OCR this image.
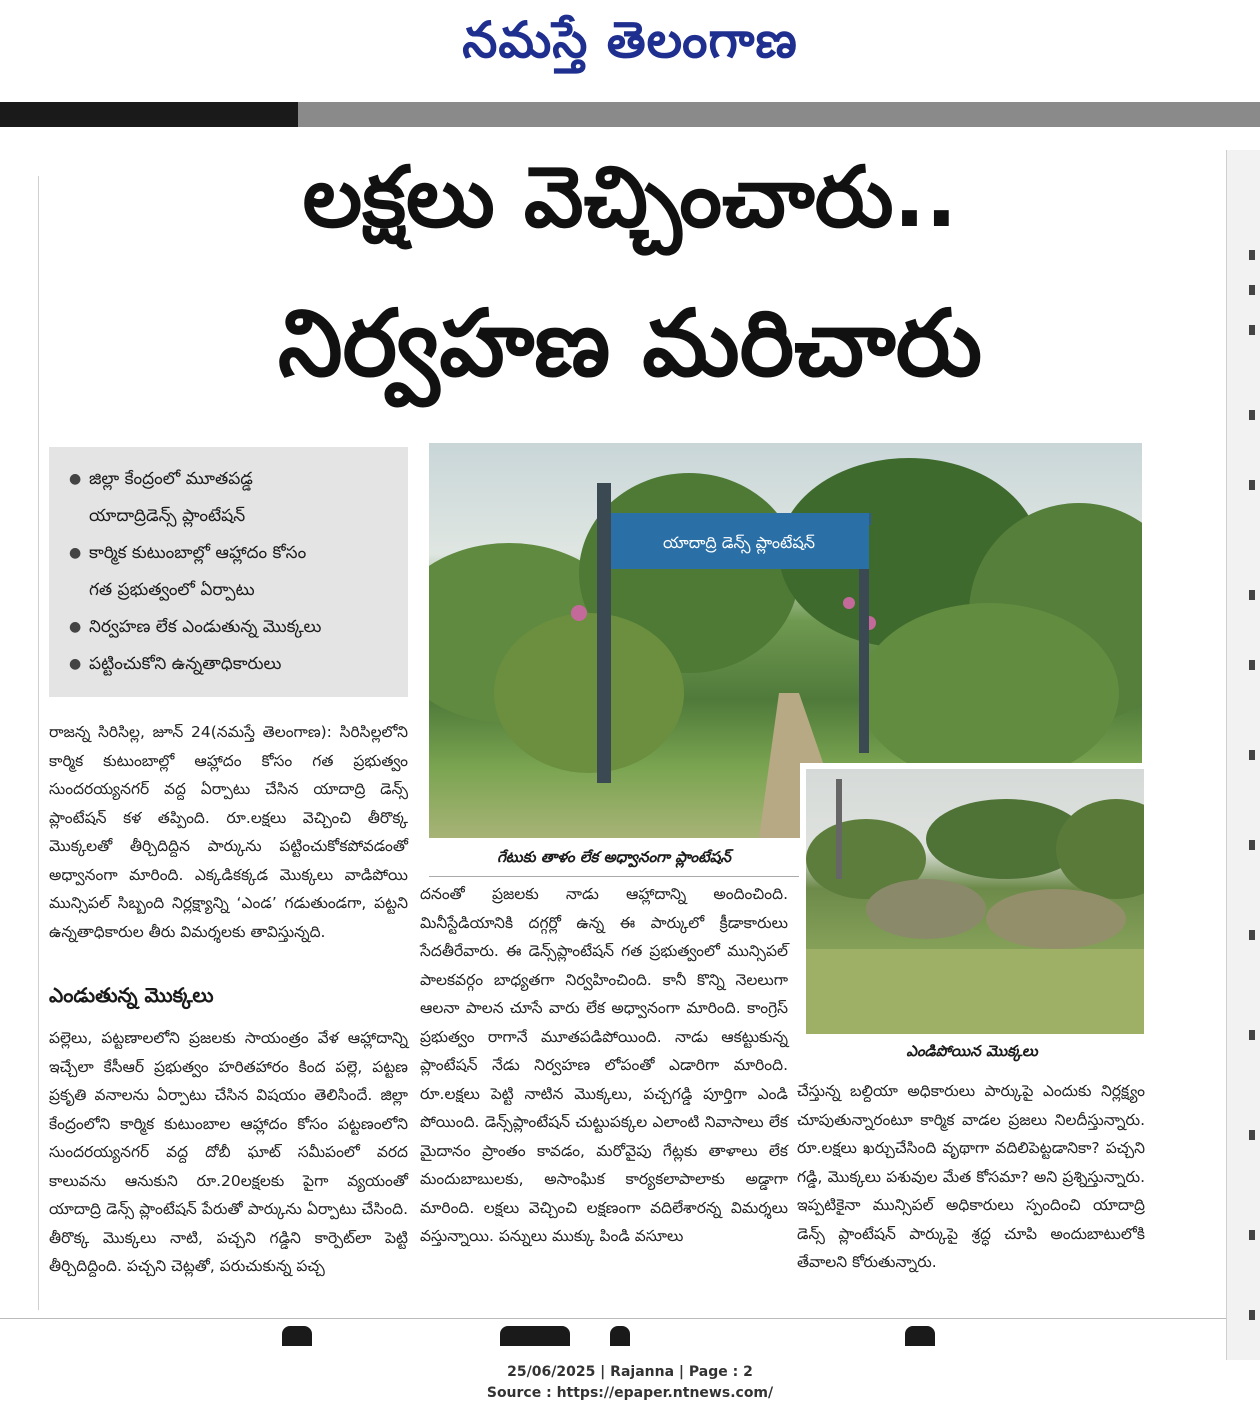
నమస్తే తెలంగాణ
లక్షలు వెచ్చించారు..
నిర్వహణ మరిచారు
● జిల్లా కేంద్రంలో మూతపడ్డ
యాదాద్రిడెన్స్ ప్లాంటేషన్
● కార్మిక కుటుంబాల్లో ఆహ్లాదం కోసం
గత ప్రభుత్వంలో ఏర్పాటు
● నిర్వహణ లేక ఎండుతున్న మొక్కలు
● పట్టించుకోని ఉన్నతాధికారులు

రాజన్న సిరిసిల్ల, జూన్ 24(నమస్తే తెలంగాణ): సిరిసిల్లలోని కార్మిక కుటుంబాల్లో ఆహ్లాదం కోసం గత ప్రభుత్వం సుందరయ్యనగర్ వద్ద ఏర్పాటు చేసిన యాదాద్రి డెన్స్ ప్లాంటేషన్ కళ తప్పింది. రూ.లక్షలు వెచ్చించి తీరొక్క మొక్కలతో తీర్చిదిద్దిన పార్కును పట్టించుకోకపోవడంతో అధ్వానంగా మారింది. ఎక్కడికక్కడ మొక్కలు వాడిపోయి మున్సిపల్ సిబ్బంది నిర్లక్ష్యాన్ని ‘ఎండ’ గడుతుండగా, పట్టని ఉన్నతాధికారుల తీరు విమర్శలకు తావిస్తున్నది.

ఎండుతున్న మొక్కలు

పల్లెలు, పట్టణాలలోని ప్రజలకు సాయంత్రం వేళ ఆహ్లాదాన్ని ఇచ్చేలా కేసీఆర్ ప్రభుత్వం హరితహారం కింద పల్లె, పట్టణ ప్రకృతి వనాలను ఏర్పాటు చేసిన విషయం తెలిసిందే. జిల్లా కేంద్రంలోని కార్మిక కుటుంబాల ఆహ్లాదం కోసం పట్టణంలోని సుందరయ్యనగర్ వద్ద దోబీ ఘాట్ సమీపంలో వరద కాలువను ఆనుకుని రూ.20లక్షలకు పైగా వ్యయంతో యాదాద్రి డెన్స్ ప్లాంటేషన్ పేరుతో పార్కును ఏర్పాటు చేసింది. తీరొక్క మొక్కలు నాటి, పచ్చని గడ్డిని కార్పెట్‌లా పెట్టి తీర్చిదిద్దింది. పచ్చని చెట్లతో, పరుచుకున్న పచ్చ

యాదాద్రి డెన్స్ ప్లాంటేషన్
గేటుకు తాళం లేక అధ్వానంగా ప్లాంటేషన్
ఎండిపోయిన మొక్కలు

దనంతో ప్రజలకు నాడు ఆహ్లాదాన్ని అందించింది. మినీస్టేడియానికి దగ్గర్లో ఉన్న ఈ పార్కులో క్రీడాకారులు సేదతీరేవారు. ఈ డెన్స్‌ప్లాంటేషన్ గత ప్రభుత్వంలో మున్సిపల్ పాలకవర్గం బాధ్యతగా నిర్వహించింది. కానీ కొన్ని నెలలుగా ఆలనా పాలన చూసే వారు లేక అధ్వానంగా మారింది. కాంగ్రెస్ ప్రభుత్వం రాగానే మూతపడిపోయింది. నాడు ఆకట్టుకున్న ప్లాంటేషన్ నేడు నిర్వహణ లోపంతో ఎడారిగా మారింది. రూ.లక్షలు పెట్టి నాటిన మొక్కలు, పచ్చగడ్డి పూర్తిగా ఎండి పోయింది. డెన్స్‌ప్లాంటేషన్ చుట్టుపక్కల ఎలాంటి నివాసాలు లేక మైదానం ప్రాంతం కావడం, మరోవైపు గేట్లకు తాళాలు లేక మందుబాబులకు, అసాంఘిక కార్యకలాపాలాకు అడ్డాగా మారింది. లక్షలు వెచ్చించి లక్షణంగా వదిలేశారన్న విమర్శలు వస్తున్నాయి. పన్నులు ముక్కు పిండి వసూలు

చేస్తున్న బల్దియా అధికారులు పార్కుపై ఎందుకు నిర్లక్ష్యం చూపుతున్నారంటూ కార్మిక వాడల ప్రజలు నిలదీస్తున్నారు. రూ.లక్షలు ఖర్చుచేసింది వృథాగా వదిలిపెట్టడానికా? పచ్చని గడ్డి, మొక్కలు పశువుల మేత కోసమా? అని ప్రశ్నిస్తున్నారు. ఇప్పటికైనా మున్సిపల్ అధికారులు స్పందించి యాదాద్రి డెన్స్ ప్లాంటేషన్ పార్కుపై శ్రద్ధ చూపి అందుబాటులోకి తేవాలని కోరుతున్నారు.

25/06/2025 | Rajanna | Page : 2
Source : https://epaper.ntnews.com/
